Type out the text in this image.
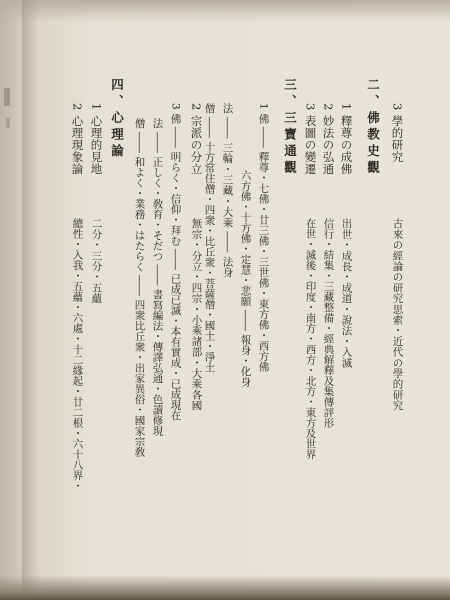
3 學的研究
古來の經論の研究思索・近代の學的研究
二、佛教史觀
1 釋尊の成佛
出世・成長・成道・說法・入滅
2 妙法の弘通
信行・結集・三藏整備・經典解釋及集傳評形
3 表圖の變遷
在世・滅後・印度・南方・西方・北方・東方及世界
三、三寶通觀
1 佛 ―― 釋尊・七佛・廿三佛・三世佛・東方佛・西方佛
六方佛・十方佛・定慧・悲願 ―― 報身・化身
法 ―― 三輪・三藏・大乘 ―― 法身
僧 ―― 十方常住僧・四衆・比丘衆・菩薩僧・國土・淨土
2 宗派の分立
無宗・分立・四宗・小乘諸部・大乘各國
3 佛 ―― 明らく・信仰・拜む ―― 已成已滅・本有實成・已成現在
法 ―― 正しく・敎育・そだつ ―― 書寫編法・傳譯弘通・色讀修現
僧 ―― 和よく・業務・はたらく ―― 四衆比丘衆・出家異俗・國家宗敎
四、心理論
1 心理的見地
二分・三分・五蘊
2 心理現象論
總性・入我・五蘊・六處・十二緣起・廿二根・六十八界・
